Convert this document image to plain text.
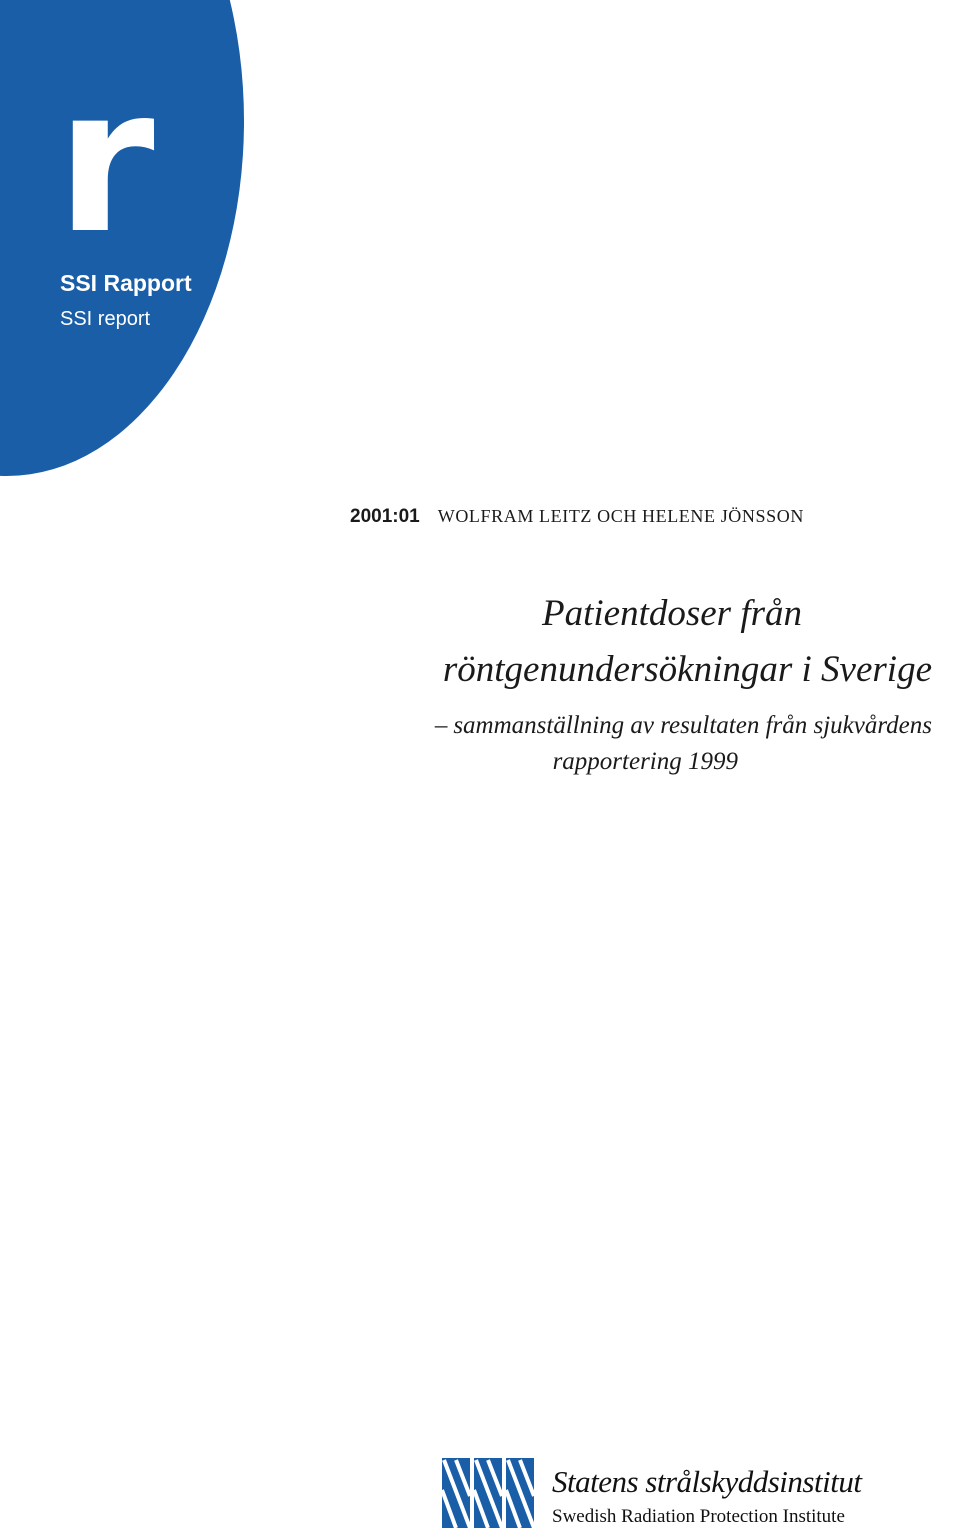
r
SSI Rapport
SSI report
2001:01 WOLFRAM LEITZ OCH HELENE JÖNSSON
Patientdoser från
röntgenundersökningar i Sverige
– sammanställning av resultaten från sjukvårdens
rapportering 1999
Statens strålskyddsinstitut
Swedish Radiation Protection Institute
